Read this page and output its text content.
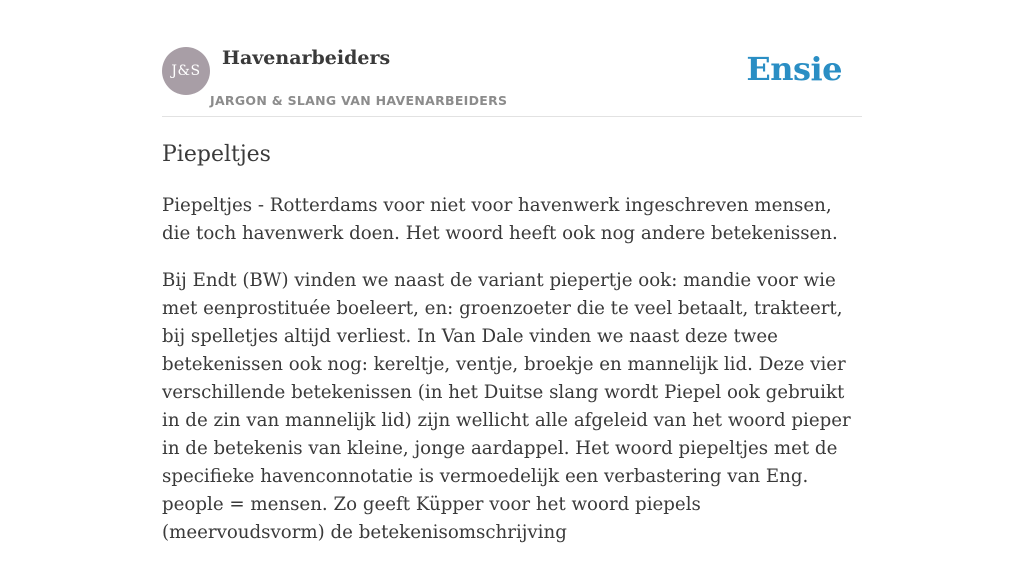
J&S
Havenarbeiders
JARGON & SLANG VAN HAVENARBEIDERS
Ensie
Piepeltjes

Piepeltjes - Rotterdams voor niet voor havenwerk ingeschreven mensen, die toch havenwerk doen. Het woord heeft ook nog andere betekenissen.

Bij Endt (BW) vinden we naast de variant piepertje ook: mandie voor wie met eenprostituée boeleert, en: groenzoeter die te veel betaalt, trakteert, bij spelletjes altijd verliest. In Van Dale vinden we naast deze twee betekenissen ook nog: kereltje, ventje, broekje en mannelijk lid. Deze vier verschillende betekenissen (in het Duitse slang wordt Piepel ook gebruikt in de zin van mannelijk lid) zijn wellicht alle afgeleid van het woord pieper in de betekenis van kleine, jonge aardappel. Het woord piepeltjes met de specifieke havenconnotatie is vermoedelijk een verbastering van Eng. people = mensen. Zo geeft Küpper voor het woord piepels (meervoudsvorm) de betekenisomschrijving
